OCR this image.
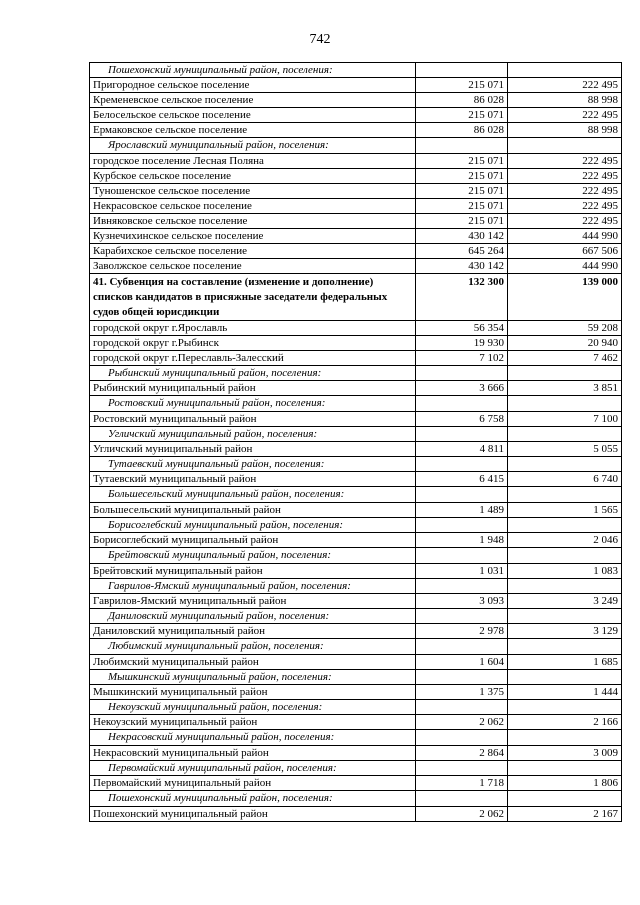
742
Пошехонский муниципальный район, поселения:		
Пригородное сельское поселение	215 071	222 495
Кременевское сельское поселение	86 028	88 998
Белосельское сельское поселение	215 071	222 495
Ермаковское сельское поселение	86 028	88 998
Ярославский муниципальный район, поселения:		
городское поселение Лесная Поляна	215 071	222 495
Курбское сельское поселение	215 071	222 495
Туношенское сельское поселение	215 071	222 495
Некрасовское сельское поселение	215 071	222 495
Ивняковское сельское поселение	215 071	222 495
Кузнечихинское сельское поселение	430 142	444 990
Карабихское сельское поселение	645 264	667 506
Заволжское сельское поселение	430 142	444 990
41. Субвенция на составление (изменение и дополнение) списков кандидатов в присяжные заседатели федеральных судов общей юрисдикции	132 300	139 000
городской округ г.Ярославль	56 354	59 208
городской округ г.Рыбинск	19 930	20 940
городской округ г.Переславль-Залесский	7 102	7 462
Рыбинский муниципальный район, поселения:		
Рыбинский муниципальный район	3 666	3 851
Ростовский муниципальный район, поселения:		
Ростовский муниципальный район	6 758	7 100
Угличский муниципальный район, поселения:		
Угличский муниципальный район	4 811	5 055
Тутаевский муниципальный район, поселения:		
Тутаевский муниципальный район	6 415	6 740
Большесельский муниципальный район, поселения:		
Большесельский муниципальный район	1 489	1 565
Борисоглебский муниципальный район, поселения:		
Борисоглебский муниципальный район	1 948	2 046
Брейтовский муниципальный район, поселения:		
Брейтовский муниципальный район	1 031	1 083
Гаврилов-Ямский муниципальный район, поселения:		
Гаврилов-Ямский муниципальный район	3 093	3 249
Даниловский муниципальный район, поселения:		
Даниловский муниципальный район	2 978	3 129
Любимский муниципальный район, поселения:		
Любимский муниципальный район	1 604	1 685
Мышкинский муниципальный район, поселения:		
Мышкинский муниципальный район	1 375	1 444
Некоузский муниципальный район, поселения:		
Некоузский муниципальный район	2 062	2 166
Некрасовский муниципальный район, поселения:		
Некрасовский муниципальный район	2 864	3 009
Первомайский муниципальный район, поселения:		
Первомайский муниципальный район	1 718	1 806
Пошехонский муниципальный район, поселения:		
Пошехонский муниципальный район	2 062	2 167
